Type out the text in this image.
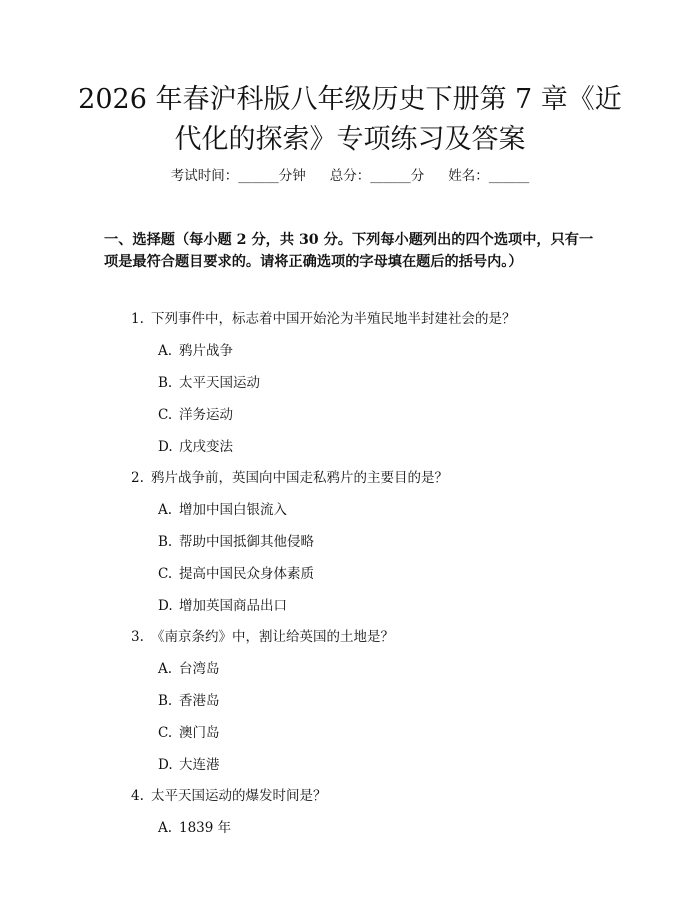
2026 年春沪科版八年级历史下册第 7 章《近
代化的探索》专项练习及答案
考试时间：______分钟 总分：______分 姓名：______

一、选择题（每小题 2 分，共 30 分。下列每小题列出的四个选项中，只有一项是最符合题目要求的。请将正确选项的字母填在题后的括号内。）

1. 下列事件中，标志着中国开始沦为半殖民地半封建社会的是？
A. 鸦片战争
B. 太平天国运动
C. 洋务运动
D. 戊戌变法
2. 鸦片战争前，英国向中国走私鸦片的主要目的是？
A. 增加中国白银流入
B. 帮助中国抵御其他侵略
C. 提高中国民众身体素质
D. 增加英国商品出口
3. 《南京条约》中，割让给英国的土地是？
A. 台湾岛
B. 香港岛
C. 澳门岛
D. 大连港
4. 太平天国运动的爆发时间是？
A. 1839 年
